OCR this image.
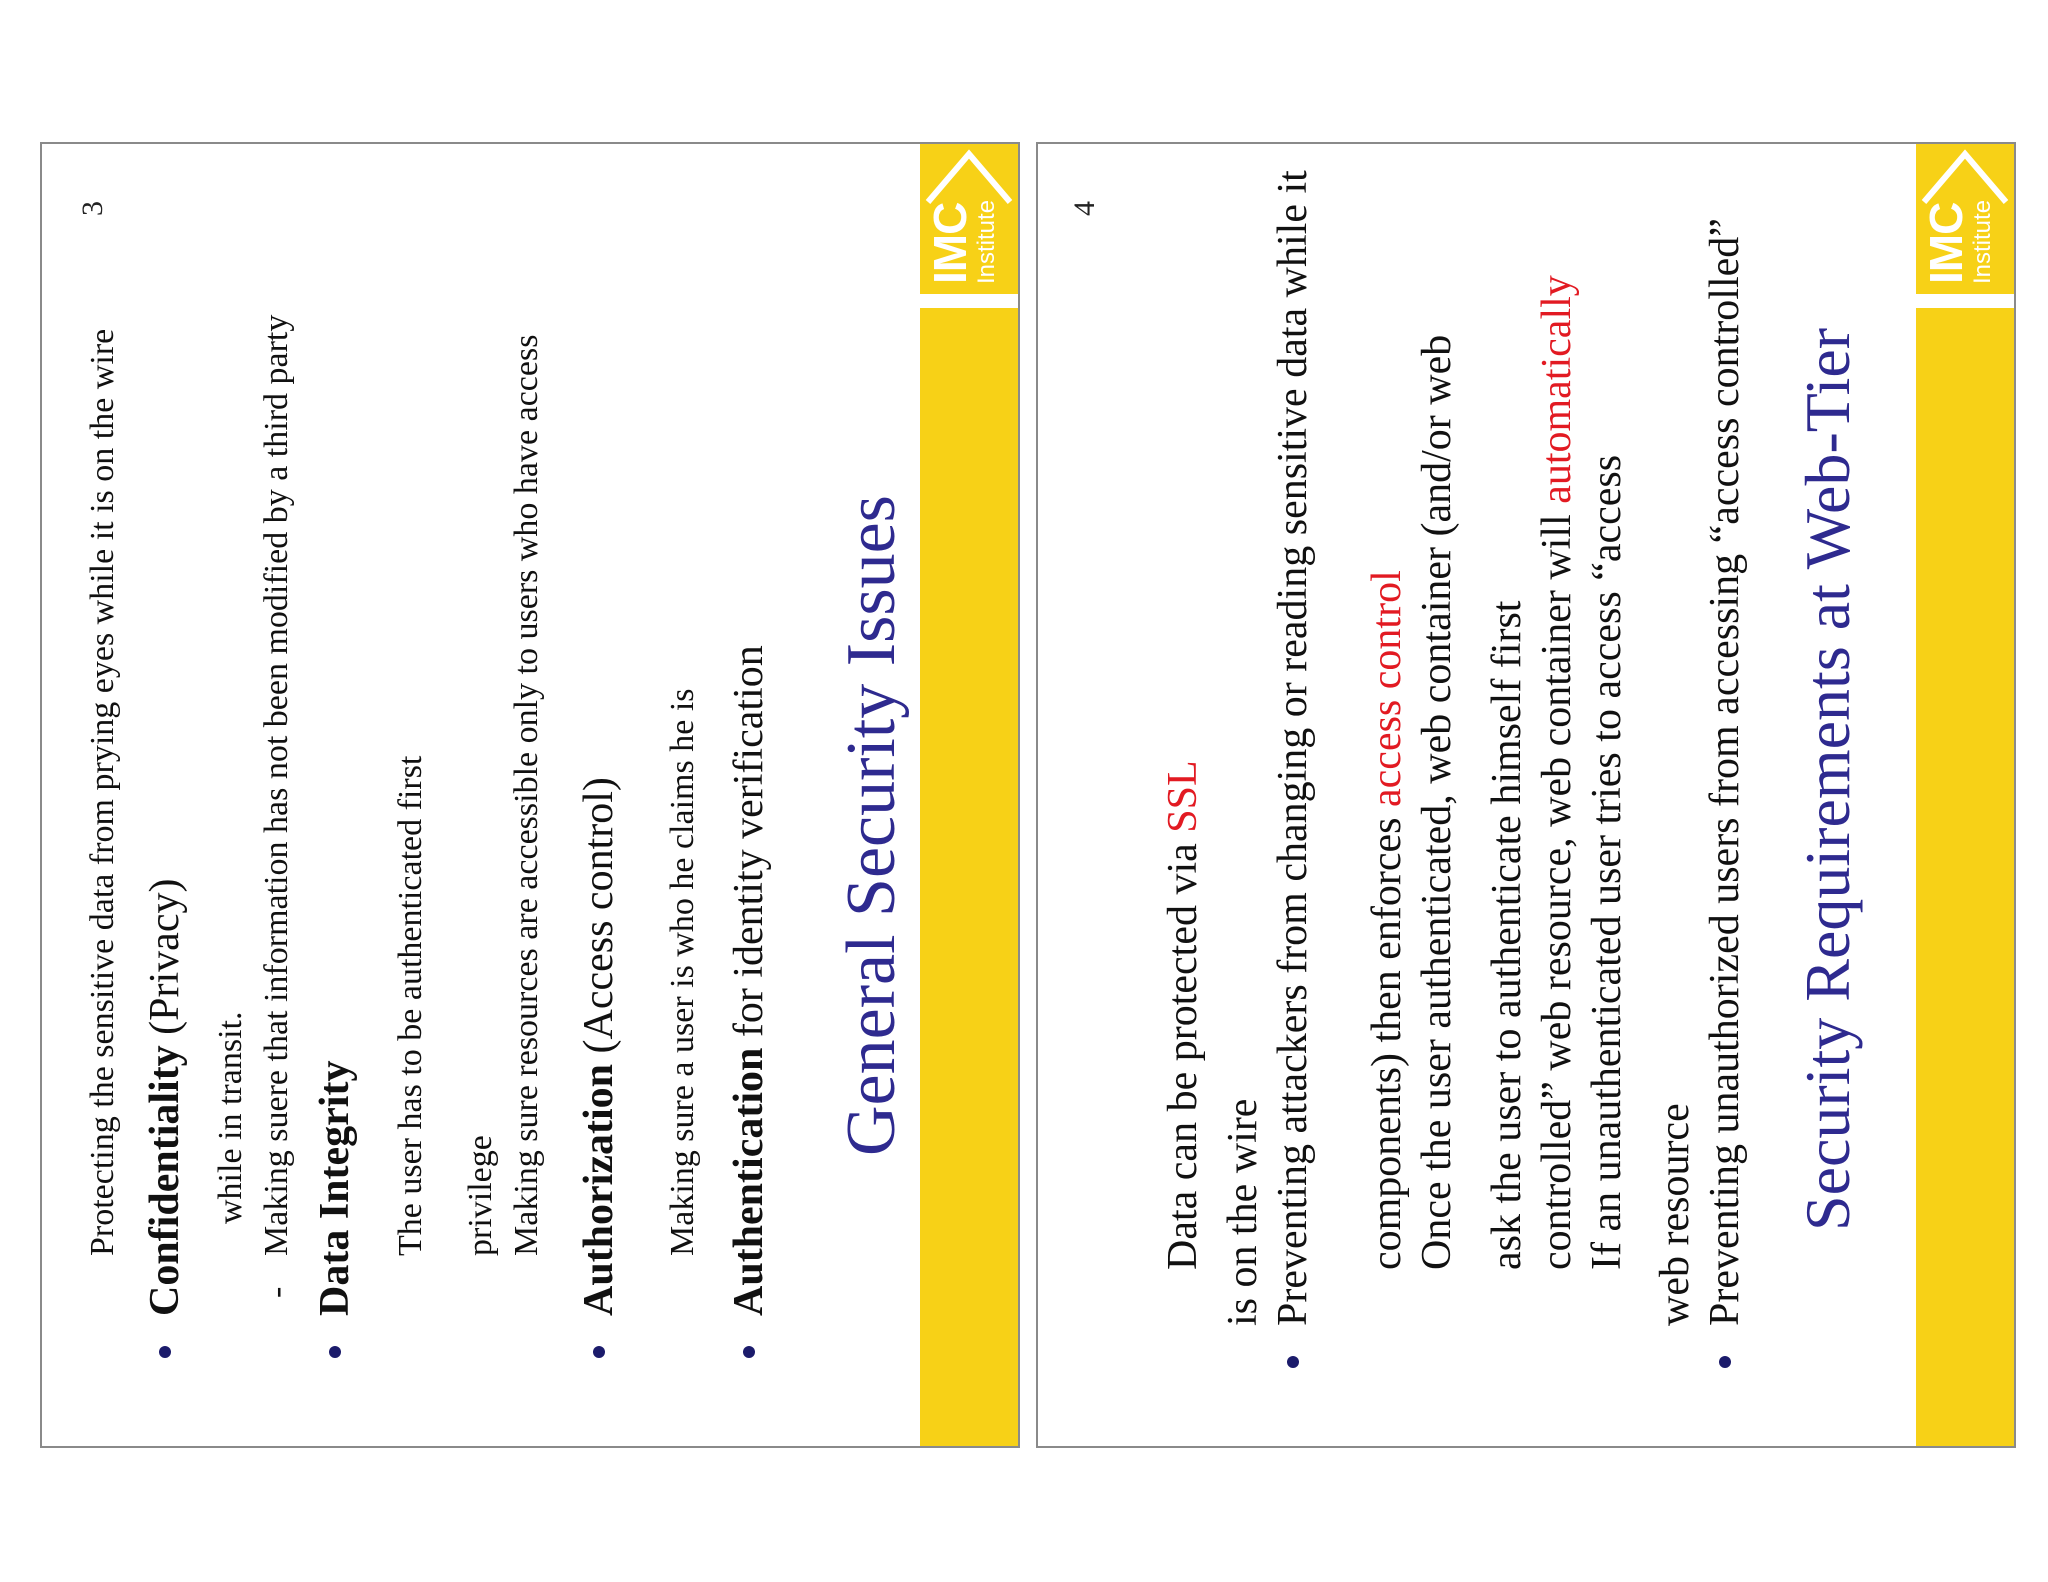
IMC
Institute
General Security Issues
Authentication for identity verification
Making sure a user is who he claims he is
Authorization (Access control)
Making sure resources are accessible only to users who have access
privilege
The user has to be authenticated first
Data Integrity
-
Making suere that information has not been modified by a third party
while in transit.
Confidentiality (Privacy)
Protecting the sensitive data from prying eyes while it is on the wire
3	IMC
Institute
Security Requirements at Web-Tier
Preventing unauthorized users from accessing “access controlled”
web resource
If an unauthenticated user tries to access “access
controlled” web resource, web container will automatically
ask the user to authenticate himself first
Once the user authenticated, web container (and/or web
components) then enforces access control
Preventing attackers from changing or reading sensitive data while it
is on the wire
Data can be protected via SSL
4
